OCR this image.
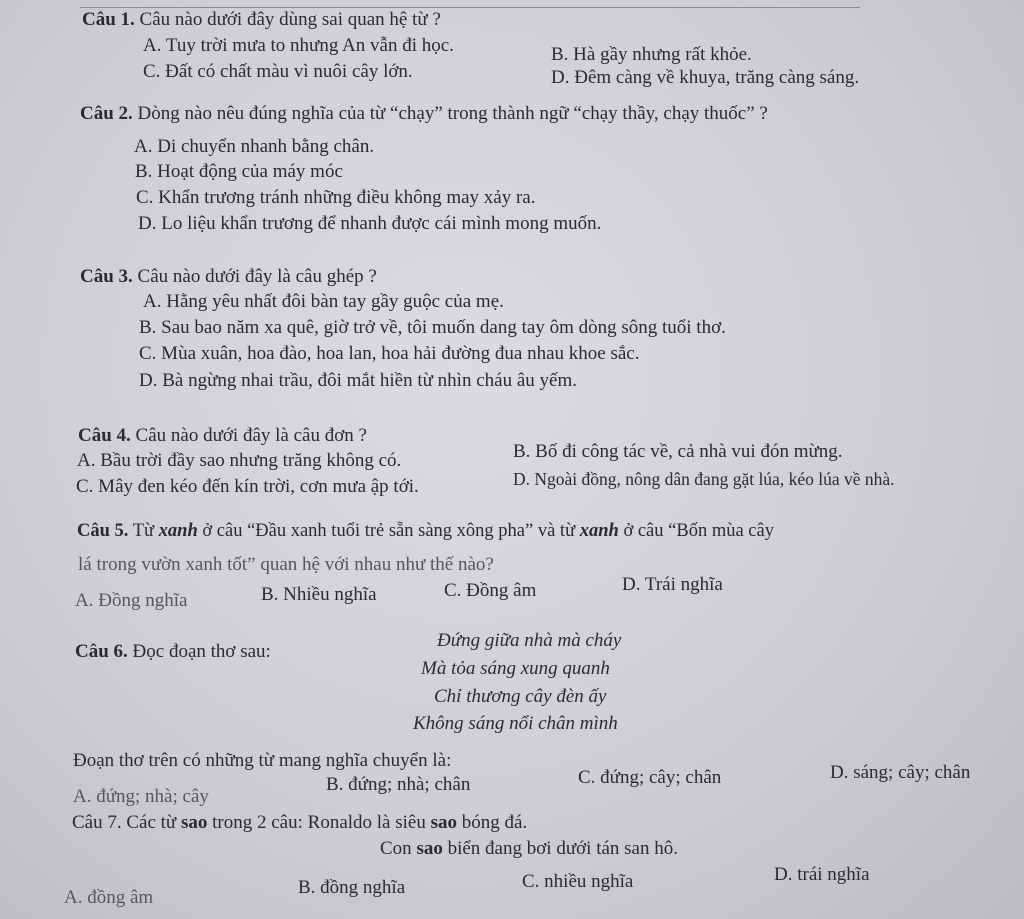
Câu 1. Câu nào dưới đây dùng sai quan hệ từ ?
A. Tuy trời mưa to nhưng An vẫn đi học.	B. Hà gầy nhưng rất khỏe.
C. Đất có chất màu vì nuôi cây lớn.	D. Đêm càng về khuya, trăng càng sáng.
Câu 2. Dòng nào nêu đúng nghĩa của từ “chạy” trong thành ngữ “chạy thầy, chạy thuốc” ?
A. Di chuyển nhanh bằng chân.
B. Hoạt động của máy móc
C. Khẩn trương tránh những điều không may xảy ra.
D. Lo liệu khẩn trương để nhanh được cái mình mong muốn.
Câu 3. Câu nào dưới đây là câu ghép ?
A. Hằng yêu nhất đôi bàn tay gầy guộc của mẹ.
B. Sau bao năm xa quê, giờ trở về, tôi muốn dang tay ôm dòng sông tuổi thơ.
C. Mùa xuân, hoa đào, hoa lan, hoa hải đường đua nhau khoe sắc.
D. Bà ngừng nhai trầu, đôi mắt hiền từ nhìn cháu âu yếm.
Câu 4. Câu nào dưới đây là câu đơn ?
A. Bầu trời đầy sao nhưng trăng không có.	B. Bố đi công tác về, cả nhà vui đón mừng.
C. Mây đen kéo đến kín trời, cơn mưa ập tới.	D. Ngoài đồng, nông dân đang gặt lúa, kéo lúa về nhà.
Câu 5. Từ xanh ở câu “Đầu xanh tuổi trẻ sẵn sàng xông pha” và từ xanh ở câu “Bốn mùa cây
lá trong vườn xanh tốt” quan hệ với nhau như thế nào?
A. Đồng nghĩa	B. Nhiều nghĩa	C. Đồng âm	D. Trái nghĩa
Câu 6. Đọc đoạn thơ sau:
Đứng giữa nhà mà cháy
Mà tỏa sáng xung quanh
Chỉ thương cây đèn ấy
Không sáng nổi chân mình
Đoạn thơ trên có những từ mang nghĩa chuyển là:
A. đứng; nhà; cây
B. đứng; nhà; chân	C. đứng; cây; chân	D. sáng; cây; chân
Câu 7. Các từ sao trong 2 câu: Ronaldo là siêu sao bóng đá.
Con sao biển đang bơi dưới tán san hô.
A. đồng âm	B. đồng nghĩa	C. nhiều nghĩa	D. trái nghĩa
